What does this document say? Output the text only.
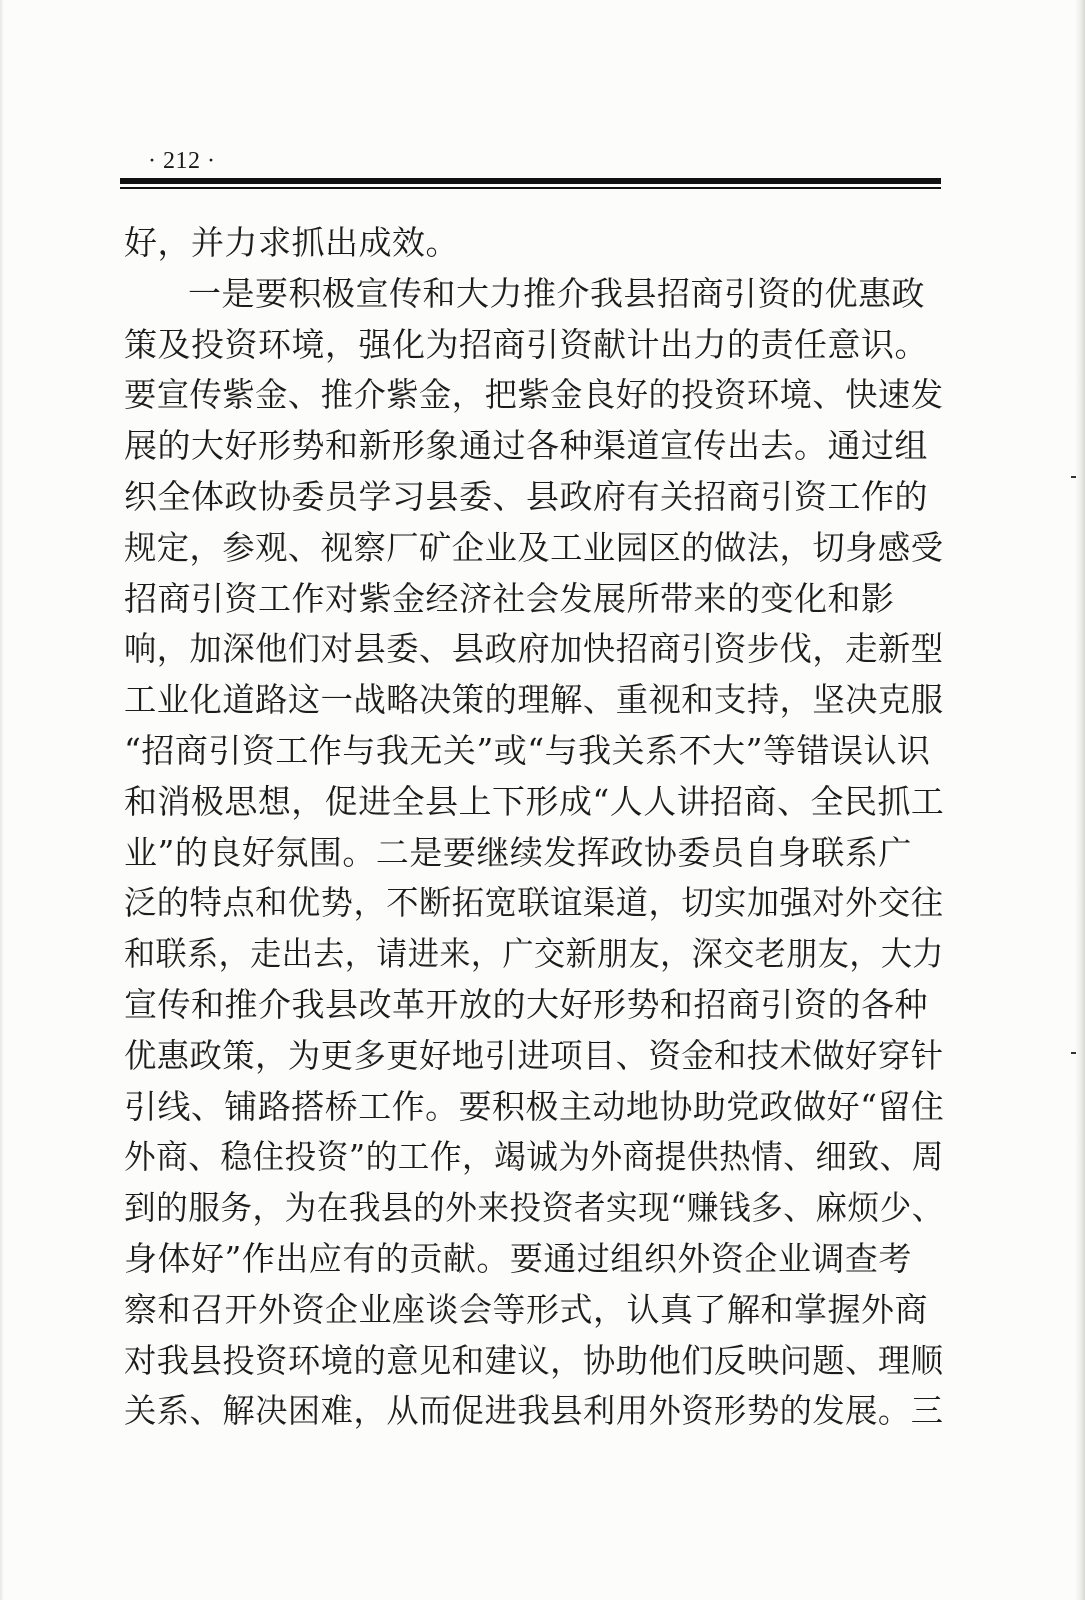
· 212 ·
好，并力求抓出成效。
一是要积极宣传和大力推介我县招商引资的优惠政
策及投资环境，强化为招商引资献计出力的责任意识。
要宣传紫金、推介紫金，把紫金良好的投资环境、快速发
展的大好形势和新形象通过各种渠道宣传出去。通过组
织全体政协委员学习县委、县政府有关招商引资工作的
规定，参观、视察厂矿企业及工业园区的做法，切身感受
招商引资工作对紫金经济社会发展所带来的变化和影
响，加深他们对县委、县政府加快招商引资步伐，走新型
工业化道路这一战略决策的理解、重视和支持，坚决克服
“招商引资工作与我无关”或“与我关系不大”等错误认识
和消极思想，促进全县上下形成“人人讲招商、全民抓工
业”的良好氛围。二是要继续发挥政协委员自身联系广
泛的特点和优势，不断拓宽联谊渠道，切实加强对外交往
和联系，走出去，请进来，广交新朋友，深交老朋友，大力
宣传和推介我县改革开放的大好形势和招商引资的各种
优惠政策，为更多更好地引进项目、资金和技术做好穿针
引线、铺路搭桥工作。要积极主动地协助党政做好“留住
外商、稳住投资”的工作，竭诚为外商提供热情、细致、周
到的服务，为在我县的外来投资者实现“赚钱多、麻烦少、
身体好”作出应有的贡献。要通过组织外资企业调查考
察和召开外资企业座谈会等形式，认真了解和掌握外商
对我县投资环境的意见和建议，协助他们反映问题、理顺
关系、解决困难，从而促进我县利用外资形势的发展。三
